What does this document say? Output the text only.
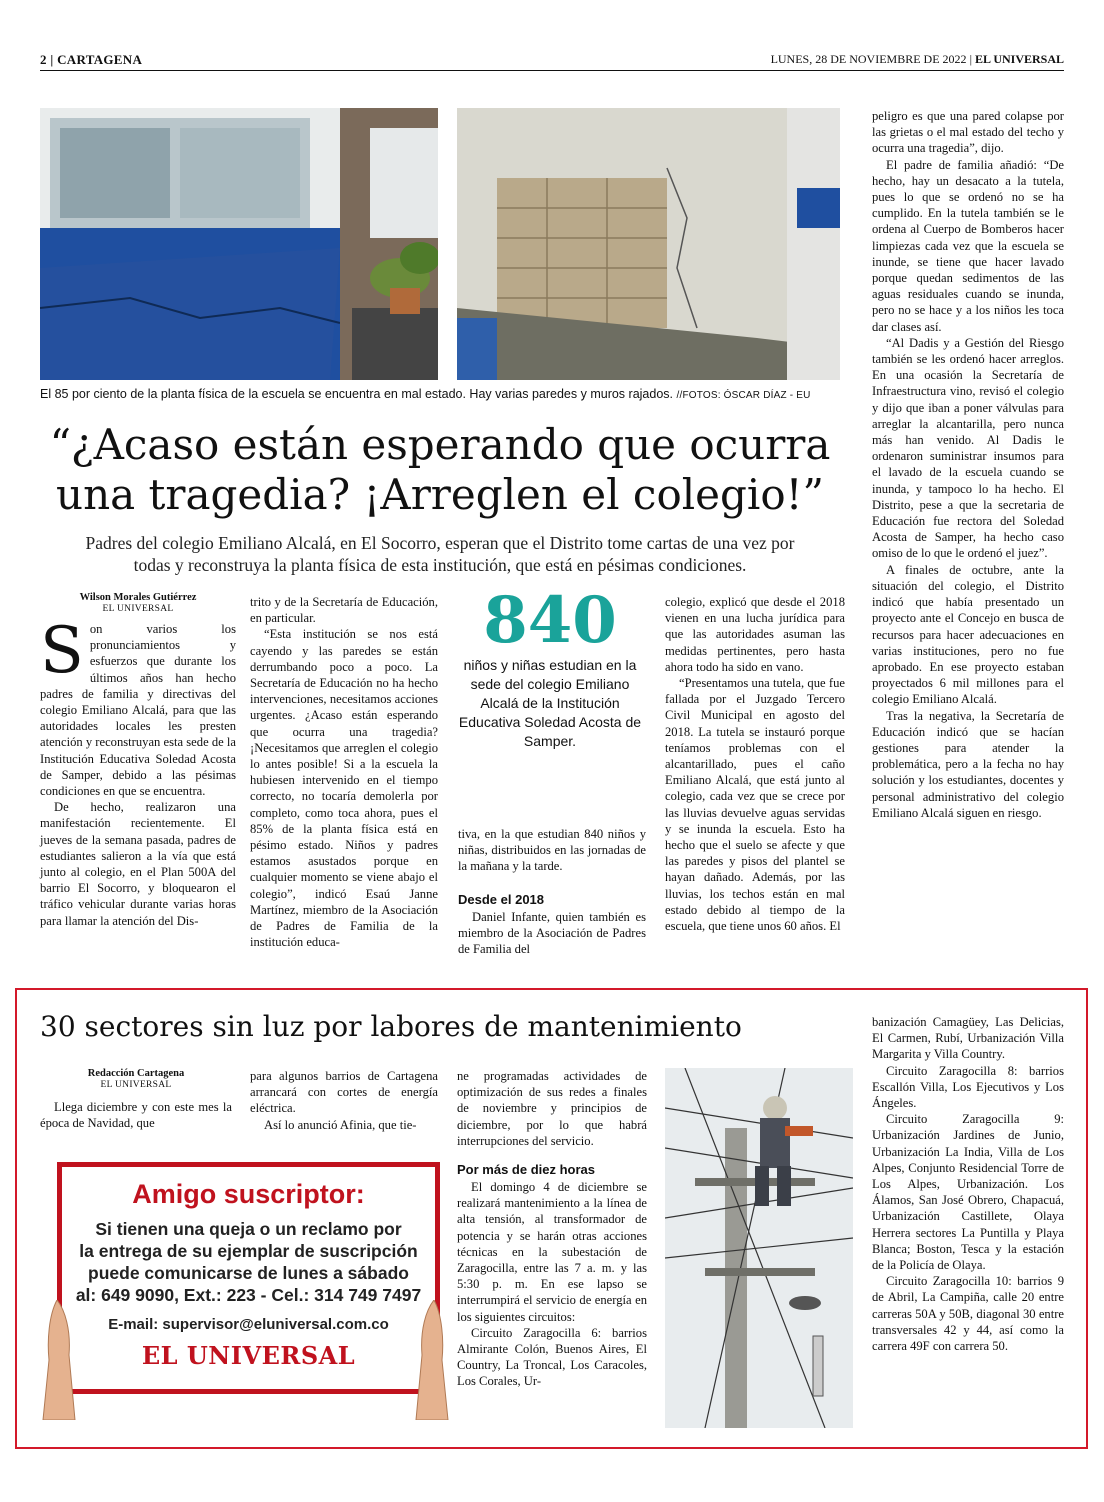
2 | CARTAGENA	LUNES, 28 DE NOVIEMBRE DE 2022 | EL UNIVERSAL
El 85 por ciento de la planta física de la escuela se encuentra en mal estado. Hay varias paredes y muros rajados. //FOTOS: ÓSCAR DÍAZ - EU
“¿Acaso están esperando que ocurra
una tragedia? ¡Arreglen el colegio!”
Padres del colegio Emiliano Alcalá, en El Socorro, esperan que el Distrito tome cartas de una vez por
todas y reconstruya la planta física de esta institución, que está en pésimas condiciones.
Wilson Morales Gutiérrez
EL UNIVERSAL

Son varios los pronunciamientos y esfuerzos que durante los últimos años han hecho padres de familia y directivas del colegio Emiliano Alcalá, para que las autoridades locales les presten atención y reconstruyan esta sede de la Institución Educativa Soledad Acosta de Samper, debido a las pésimas condiciones en que se encuentra.

De hecho, realizaron una manifestación recientemente. El jueves de la semana pasada, padres de estudiantes salieron a la vía que está junto al colegio, en el Plan 500A del barrio El Socorro, y bloquearon el tráfico vehicular durante varias horas para llamar la atención del Dis-

trito y de la Secretaría de Educación, en particular.

“Esta institución se nos está cayendo y las paredes se están derrumbando poco a poco. La Secretaría de Educación no ha hecho intervenciones, necesitamos acciones urgentes. ¿Acaso están esperando que ocurra una tragedia? ¡Necesitamos que arreglen el colegio lo antes posible! Si a la escuela la hubiesen intervenido en el tiempo correcto, no tocaría demolerla por completo, como toca ahora, pues el 85% de la planta física está en pésimo estado. Niños y padres estamos asustados porque en cualquier momento se viene abajo el colegio”, indicó Esaú Janne Martínez, miembro de la Asociación de Padres de Familia de la institución educa-

840
niños y niñas estudian en la sede del colegio Emiliano Alcalá de la Institución Educativa Soledad Acosta de Samper.

tiva, en la que estudian 840 niños y niñas, distribuidos en las jornadas de la mañana y la tarde.

Desde el 2018

Daniel Infante, quien también es miembro de la Asociación de Padres de Familia del

colegio, explicó que desde el 2018 vienen en una lucha jurídica para que las autoridades asuman las medidas pertinentes, pero hasta ahora todo ha sido en vano.

“Presentamos una tutela, que fue fallada por el Juzgado Tercero Civil Municipal en agosto del 2018. La tutela se instauró porque teníamos problemas con el alcantarillado, pues el caño Emiliano Alcalá, que está junto al colegio, cada vez que se crece por las lluvias devuelve aguas servidas y se inunda la escuela. Esto ha hecho que el suelo se afecte y que las paredes y pisos del plantel se hayan dañado. Además, por las lluvias, los techos están en mal estado debido al tiempo de la escuela, que tiene unos 60 años. El

peligro es que una pared colapse por las grietas o el mal estado del techo y ocurra una tragedia”, dijo.

El padre de familia añadió: “De hecho, hay un desacato a la tutela, pues lo que se ordenó no se ha cumplido. En la tutela también se le ordena al Cuerpo de Bomberos hacer limpiezas cada vez que la escuela se inunde, se tiene que hacer lavado porque quedan sedimentos de las aguas residuales cuando se inunda, pero no se hace y a los niños les toca dar clases así.

“Al Dadis y a Gestión del Riesgo también se les ordenó hacer arreglos. En una ocasión la Secretaría de Infraestructura vino, revisó el colegio y dijo que iban a poner válvulas para arreglar la alcantarilla, pero nunca más han venido. Al Dadis le ordenaron suministrar insumos para el lavado de la escuela cuando se inunda, y tampoco lo ha hecho. El Distrito, pese a que la secretaria de Educación fue rectora del Soledad Acosta de Samper, ha hecho caso omiso de lo que le ordenó el juez”.

A finales de octubre, ante la situación del colegio, el Distrito indicó que había presentado un proyecto ante el Concejo en busca de recursos para hacer adecuaciones en varias instituciones, pero no fue aprobado. En ese proyecto estaban proyectados 6 mil millones para el colegio Emiliano Alcalá.

Tras la negativa, la Secretaría de Educación indicó que se hacían gestiones para atender la problemática, pero a la fecha no hay solución y los estudiantes, docentes y personal administrativo del colegio Emiliano Alcalá siguen en riesgo.

30 sectores sin luz por labores de mantenimiento
Redacción Cartagena
EL UNIVERSAL

Llega diciembre y con este mes la época de Navidad, que

para algunos barrios de Cartagena arrancará con cortes de energía eléctrica.

Así lo anunció Afinia, que tie-

ne programadas actividades de optimización de sus redes a finales de noviembre y principios de diciembre, por lo que habrá interrupciones del servicio.

Por más de diez horas

El domingo 4 de diciembre se realizará mantenimiento a la línea de alta tensión, al transformador de potencia y se harán otras acciones técnicas en la subestación de Zaragocilla, entre las 7 a. m. y las 5:30 p. m. En ese lapso se interrumpirá el servicio de energía en los siguientes circuitos:

Circuito Zaragocilla 6: barrios Almirante Colón, Buenos Aires, El Country, La Troncal, Los Caracoles, Los Corales, Ur-

banización Camagüey, Las Delicias, El Carmen, Rubí, Urbanización Villa Margarita y Villa Country.

Circuito Zaragocilla 8: barrios Escallón Villa, Los Ejecutivos y Los Ángeles.

Circuito Zaragocilla 9: Urbanización Jardines de Junio, Urbanización La India, Villa de Los Alpes, Conjunto Residencial Torre de Los Alpes, Urbanización. Los Álamos, San José Obrero, Chapacuá, Urbanización Castillete, Olaya Herrera sectores La Puntilla y Playa Blanca; Boston, Tesca y la estación de la Policía de Olaya.

Circuito Zaragocilla 10: barrios 9 de Abril, La Campiña, calle 20 entre carreras 50A y 50B, diagonal 30 entre transversales 42 y 44, así como la carrera 49F con carrera 50.

Amigo suscriptor:
Si tienen una queja o un reclamo por
la entrega de su ejemplar de suscripción
puede comunicarse de lunes a sábado
al: 649 9090, Ext.: 223 - Cel.: 314 749 7497
E-mail: supervisor@eluniversal.com.co
EL UNIVERSAL
